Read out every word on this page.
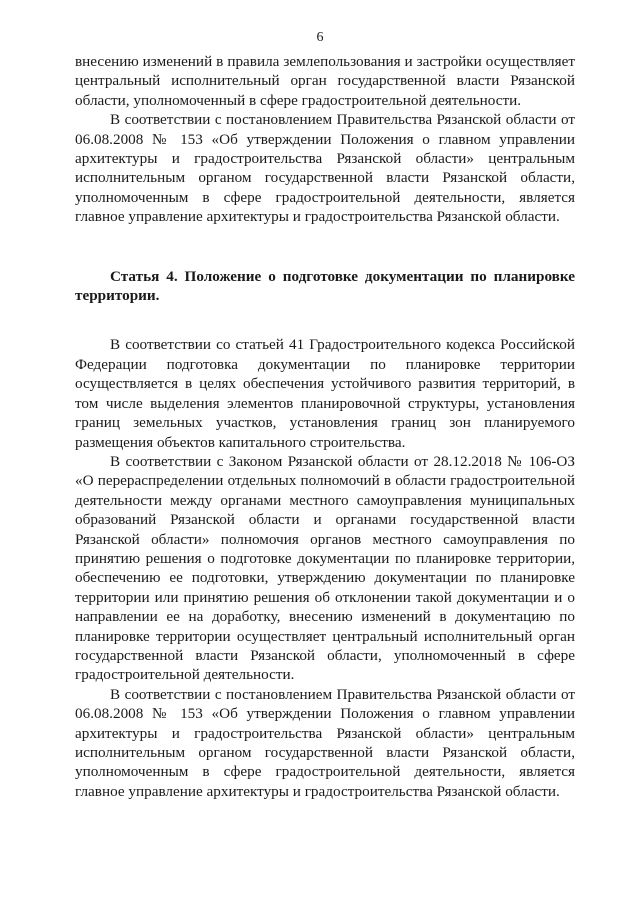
6

внесению изменений в правила землепользования и застройки осуществляет центральный исполнительный орган государственной власти Рязанской области, уполномоченный в сфере градостроительной деятельности.

В соответствии с постановлением Правительства Рязанской области от 06.08.2008 № 153 «Об утверждении Положения о главном управлении архитектуры и градостроительства Рязанской области» центральным исполнительным органом государственной власти Рязанской области, уполномоченным в сфере градостроительной деятельности, является главное управление архитектуры и градостроительства Рязанской области.

Статья 4. Положение о подготовке документации по планировке территории.

В соответствии со статьей 41 Градостроительного кодекса Российской Федерации подготовка документации по планировке территории осуществляется в целях обеспечения устойчивого развития территорий, в том числе выделения элементов планировочной структуры, установления границ земельных участков, установления границ зон планируемого размещения объектов капитального строительства.

В соответствии с Законом Рязанской области от 28.12.2018 № 106-ОЗ «О перераспределении отдельных полномочий в области градостроительной деятельности между органами местного самоуправления муниципальных образований Рязанской области и органами государственной власти Рязанской области» полномочия органов местного самоуправления по принятию решения о подготовке документации по планировке территории, обеспечению ее подготовки, утверждению документации по планировке территории или принятию решения об отклонении такой документации и о направлении ее на доработку, внесению изменений в документацию по планировке территории осуществляет центральный исполнительный орган государственной власти Рязанской области, уполномоченный в сфере градостроительной деятельности.

В соответствии с постановлением Правительства Рязанской области от 06.08.2008 № 153 «Об утверждении Положения о главном управлении архитектуры и градостроительства Рязанской области» центральным исполнительным органом государственной власти Рязанской области, уполномоченным в сфере градостроительной деятельности, является главное управление архитектуры и градостроительства Рязанской области.
